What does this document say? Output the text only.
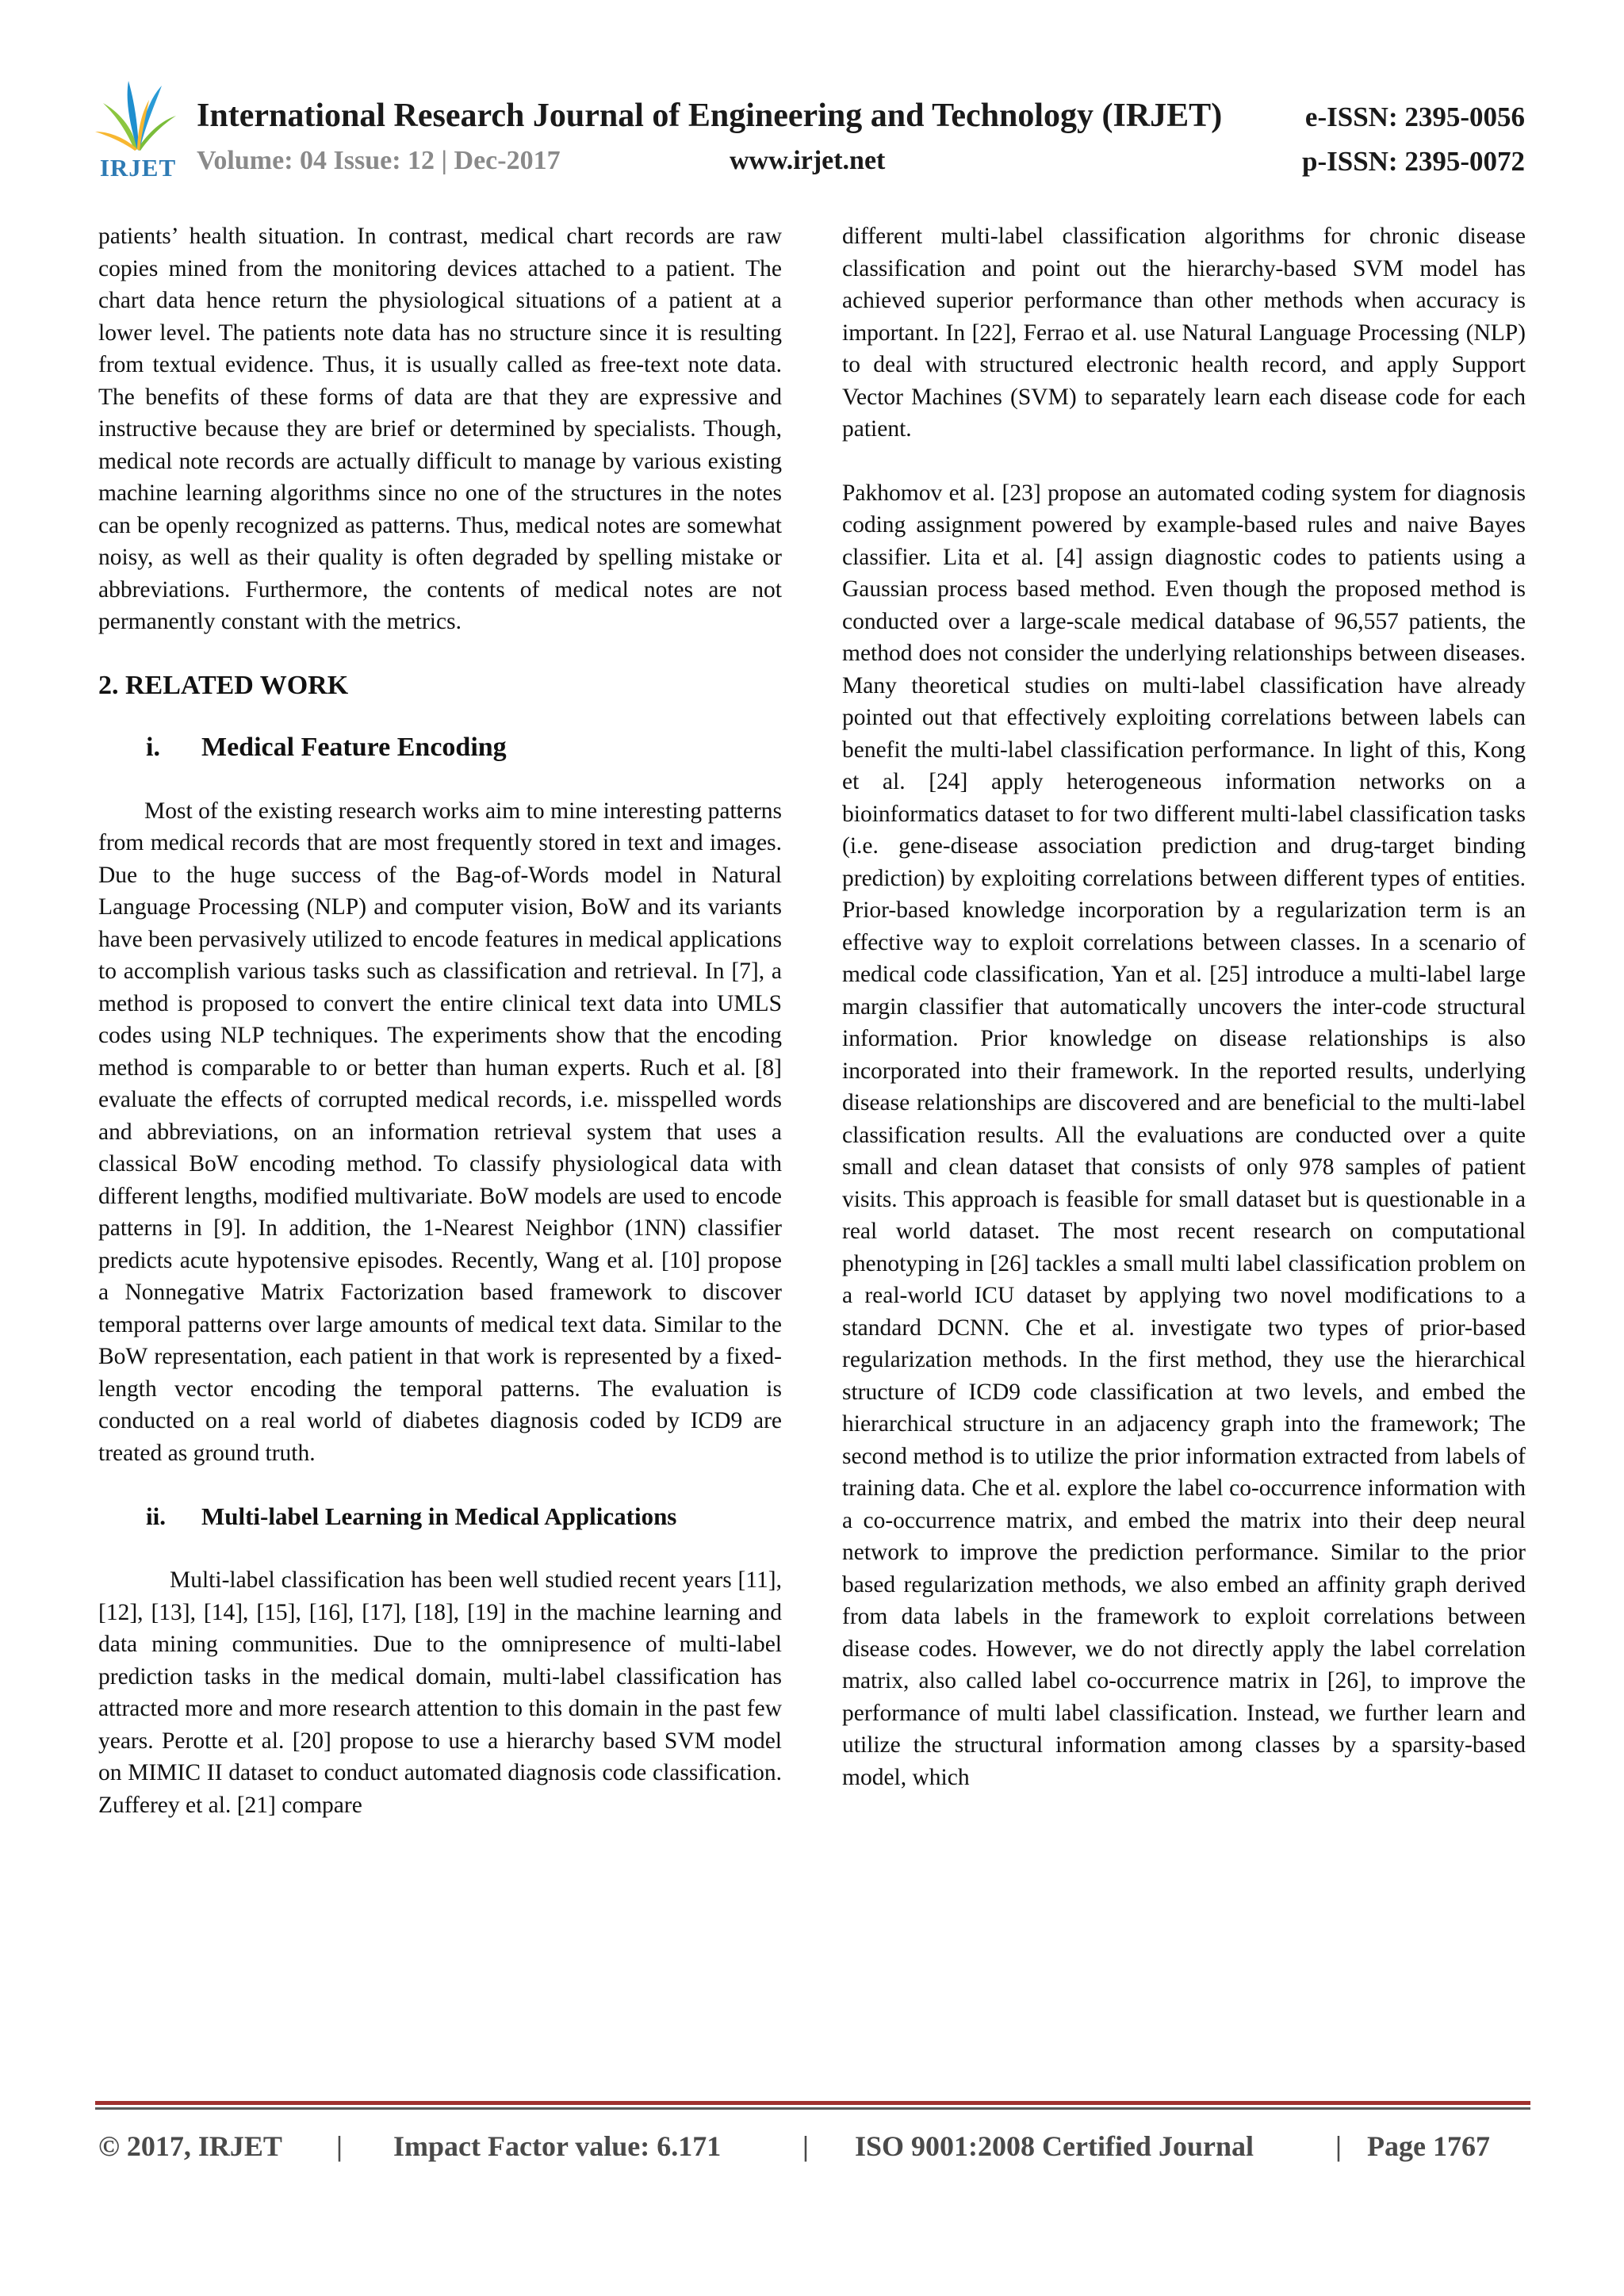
IRJET
International Research Journal of Engineering and Technology (IRJET)	e-ISSN: 2395-0056
Volume: 04 Issue: 12 | Dec-2017	www.irjet.net	p-ISSN: 2395-0072

patients’ health situation. In contrast, medical chart records are raw copies mined from the monitoring devices attached to a patient. The chart data hence return the physiological situations of a patient at a lower level. The patients note data has no structure since it is resulting from textual evidence. Thus, it is usually called as free-text note data. The benefits of these forms of data are that they are expressive and instructive because they are brief or determined by specialists. Though, medical note records are actually difficult to manage by various existing machine learning algorithms since no one of the structures in the notes can be openly recognized as patterns. Thus, medical notes are somewhat noisy, as well as their quality is often degraded by spelling mistake or abbreviations. Furthermore, the contents of medical notes are not permanently constant with the metrics.

2. RELATED WORK
i.	Medical Feature Encoding

Most of the existing research works aim to mine interesting patterns from medical records that are most frequently stored in text and images. Due to the huge success of the Bag-of-Words model in Natural Language Processing (NLP) and computer vision, BoW and its variants have been pervasively utilized to encode features in medical applications to accomplish various tasks such as classification and retrieval. In [7], a method is proposed to convert the entire clinical text data into UMLS codes using NLP techniques. The experiments show that the encoding method is comparable to or better than human experts. Ruch et al. [8] evaluate the effects of corrupted medical records, i.e. misspelled words and abbreviations, on an information retrieval system that uses a classical BoW encoding method. To classify physiological data with different lengths, modified multivariate. BoW models are used to encode patterns in [9]. In addition, the 1-Nearest Neighbor (1NN) classifier predicts acute hypotensive episodes. Recently, Wang et al. [10] propose a Nonnegative Matrix Factorization based framework to discover temporal patterns over large amounts of medical text data. Similar to the BoW representation, each patient in that work is represented by a fixed-length vector encoding the temporal patterns. The evaluation is conducted on a real world of diabetes diagnosis coded by ICD9 are treated as ground truth.

ii.	Multi-label Learning in Medical Applications

Multi-label classification has been well studied recent years [11], [12], [13], [14], [15], [16], [17], [18], [19] in the machine learning and data mining communities. Due to the omnipresence of multi-label prediction tasks in the medical domain, multi-label classification has attracted more and more research attention to this domain in the past few years. Perotte et al. [20] propose to use a hierarchy based SVM model on MIMIC II dataset to conduct automated diagnosis code classification. Zufferey et al. [21] compare

different multi-label classification algorithms for chronic disease classification and point out the hierarchy-based SVM model has achieved superior performance than other methods when accuracy is important. In [22], Ferrao et al. use Natural Language Processing (NLP) to deal with structured electronic health record, and apply Support Vector Machines (SVM) to separately learn each disease code for each patient.

Pakhomov et al. [23] propose an automated coding system for diagnosis coding assignment powered by example-based rules and naive Bayes classifier. Lita et al. [4] assign diagnostic codes to patients using a Gaussian process based method. Even though the proposed method is conducted over a large-scale medical database of 96,557 patients, the method does not consider the underlying relationships between diseases. Many theoretical studies on multi-label classification have already pointed out that effectively exploiting correlations between labels can benefit the multi-label classification performance. In light of this, Kong et al. [24] apply heterogeneous information networks on a bioinformatics dataset to for two different multi-label classification tasks (i.e. gene-disease association prediction and drug-target binding prediction) by exploiting correlations between different types of entities. Prior-based knowledge incorporation by a regularization term is an effective way to exploit correlations between classes. In a scenario of medical code classification, Yan et al. [25] introduce a multi-label large margin classifier that automatically uncovers the inter-code structural information. Prior knowledge on disease relationships is also incorporated into their framework. In the reported results, underlying disease relationships are discovered and are beneficial to the multi-label classification results. All the evaluations are conducted over a quite small and clean dataset that consists of only 978 samples of patient visits. This approach is feasible for small dataset but is questionable in a real world dataset. The most recent research on computational phenotyping in [26] tackles a small multi label classification problem on a real-world ICU dataset by applying two novel modifications to a standard DCNN. Che et al. investigate two types of prior-based regularization methods. In the first method, they use the hierarchical structure of ICD9 code classification at two levels, and embed the hierarchical structure in an adjacency graph into the framework; The second method is to utilize the prior information extracted from labels of training data. Che et al. explore the label co-occurrence information with a co-occurrence matrix, and embed the matrix into their deep neural network to improve the prediction performance. Similar to the prior based regularization methods, we also embed an affinity graph derived from data labels in the framework to exploit correlations between disease codes. However, we do not directly apply the label correlation matrix, also called label co-occurrence matrix in [26], to improve the performance of multi label classification. Instead, we further learn and utilize the structural information among classes by a sparsity-based model, which

© 2017, IRJET | Impact Factor value: 6.171	| ISO 9001:2008 Certified Journal	| Page 1767
